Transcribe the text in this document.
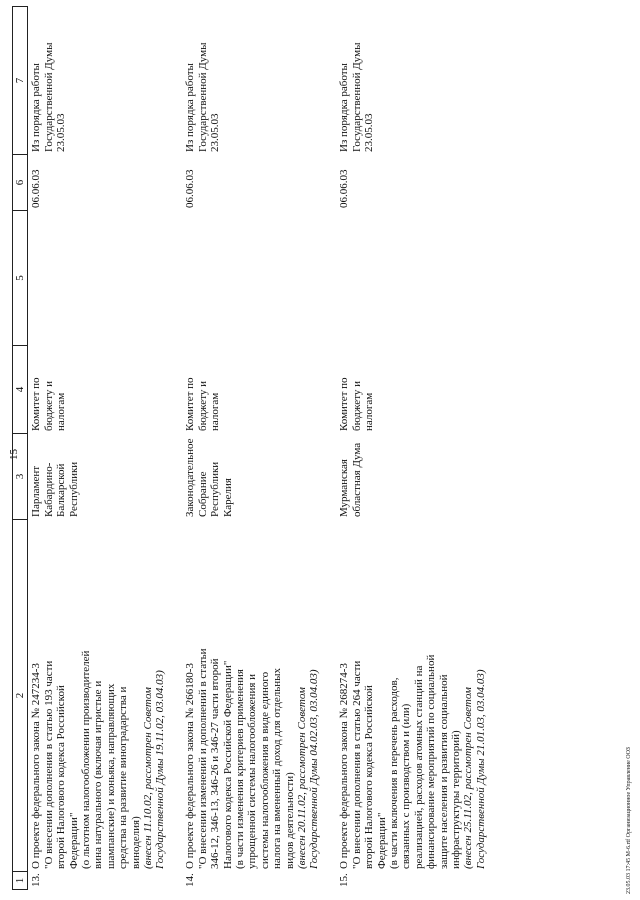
15
1
2
3
4
5
6
7
13.
О проекте федерального закона № 247234-3 "О внесении дополнения в статью 193 части второй Налогового кодекса Российской Федерации" (о льготном налогообложении производителей вина натурального (включая игристые и шампанские) и коньяка, направляющих средства на развитие виноградарства и виноделия) (внесен 11.10.02, рассмотрен Советом Государственной Думы 19.11.02, 03.04.03)
Парламент Кабардино-Балкарской Республики
Комитет по бюджету и налогам
06.06.03
Из порядка работы Государственной Думы 23.05.03
14.
О проекте федерального закона № 266180-3 "О внесении изменений и дополнений в статьи 346-12, 346-13, 346-26 и 346-27 части второй Налогового кодекса Российской Федерации" (в части изменения критериев применения упрощенной системы налогообложения и системы налогообложения в виде единого налога на вмененный доход для отдельных видов деятельности) (внесен 20.11.02, рассмотрен Советом Государственной Думы 04.02.03, 03.04.03)
Законодательное Собрание Республики Карелия
Комитет по бюджету и налогам
06.06.03
Из порядка работы Государственной Думы 23.05.03
15.
О проекте федерального закона № 268274-3 "О внесении дополнения в статью 264 части второй Налогового кодекса Российской Федерации" (в части включения в перечень расходов, связанных с производством и (или) реализацией, расходов атомных станций на финансирование мероприятий по социальной защите населения и развития социальной инфраструктуры территорий) (внесен 25.11.02, рассмотрен Советом Государственной Думы 21.01.03, 03.04.03)
Мурманская областная Дума
Комитет по бюджету и налогам
06.06.03
Из порядка работы Государственной Думы 23.05.03
23.05.03 17:45 М-6.rtf Организационное Управление ООЗ
